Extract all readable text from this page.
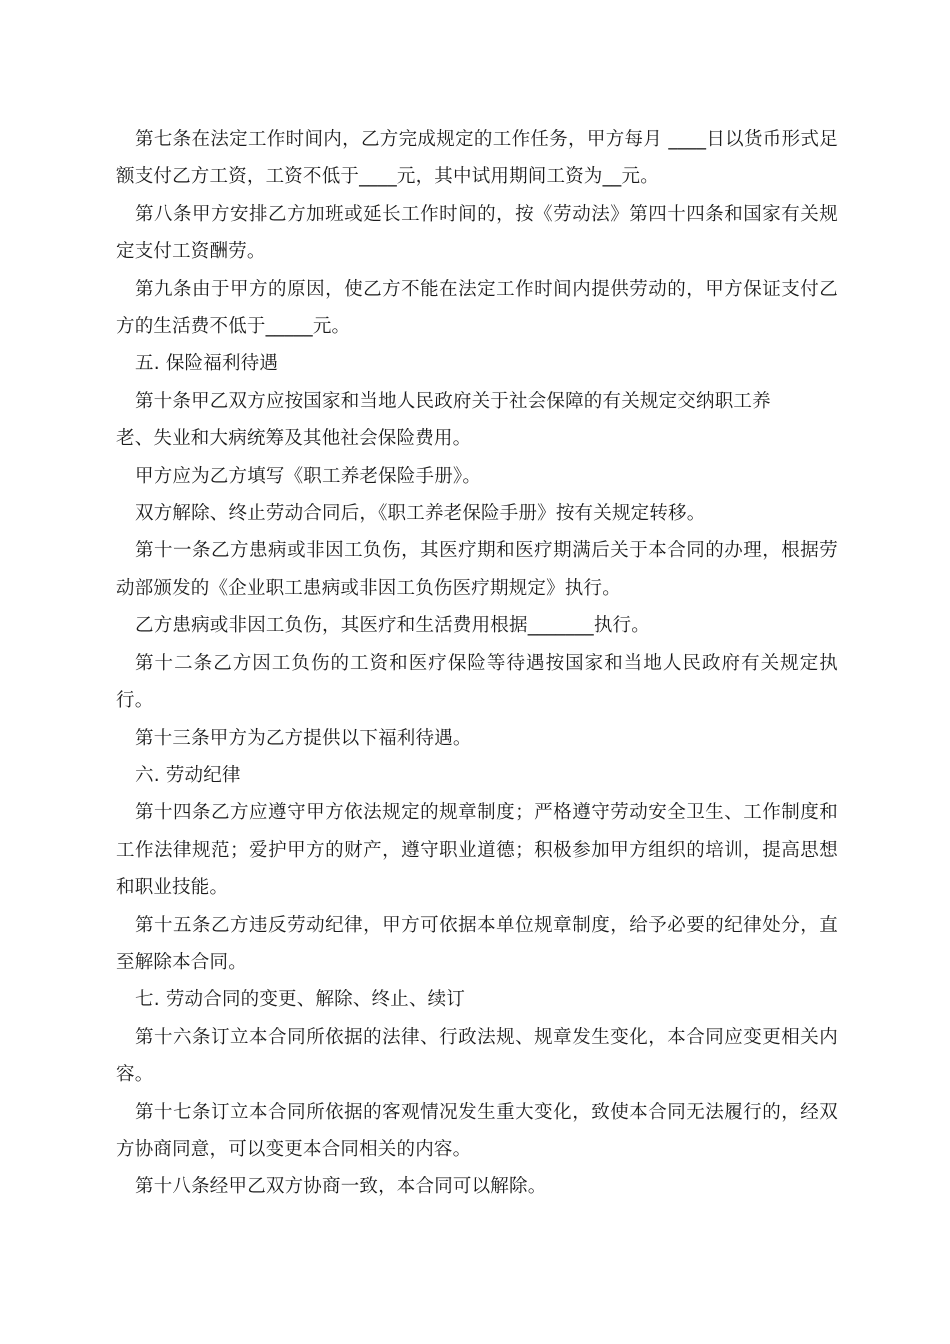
第七条在法定工作时间内，乙方完成规定的工作任务，甲方每月 ____日以货币形式足额支付乙方工资，工资不低于____元，其中试用期间工资为__元。

第八条甲方安排乙方加班或延长工作时间的，按《劳动法》第四十四条和国家有关规定支付工资酬劳。

第九条由于甲方的原因，使乙方不能在法定工作时间内提供劳动的，甲方保证支付乙方的生活费不低于_____元。

五. 保险福利待遇

第十条甲乙双方应按国家和当地人民政府关于社会保障的有关规定交纳职工养

老、失业和大病统筹及其他社会保险费用。

甲方应为乙方填写《职工养老保险手册》。

双方解除、终止劳动合同后，《职工养老保险手册》按有关规定转移。

第十一条乙方患病或非因工负伤，其医疗期和医疗期满后关于本合同的办理，根据劳动部颁发的《企业职工患病或非因工负伤医疗期规定》执行。

乙方患病或非因工负伤，其医疗和生活费用根据_______执行。

第十二条乙方因工负伤的工资和医疗保险等待遇按国家和当地人民政府有关规定执行。

第十三条甲方为乙方提供以下福利待遇。

六. 劳动纪律

第十四条乙方应遵守甲方依法规定的规章制度；严格遵守劳动安全卫生、工作制度和工作法律规范；爱护甲方的财产，遵守职业道德；积极参加甲方组织的培训，提高思想和职业技能。

第十五条乙方违反劳动纪律，甲方可依据本单位规章制度，给予必要的纪律处分，直至解除本合同。

七. 劳动合同的变更、解除、终止、续订

第十六条订立本合同所依据的法律、行政法规、规章发生变化，本合同应变更相关内容。

第十七条订立本合同所依据的客观情况发生重大变化，致使本合同无法履行的，经双方协商同意，可以变更本合同相关的内容。

第十八条经甲乙双方协商一致，本合同可以解除。
